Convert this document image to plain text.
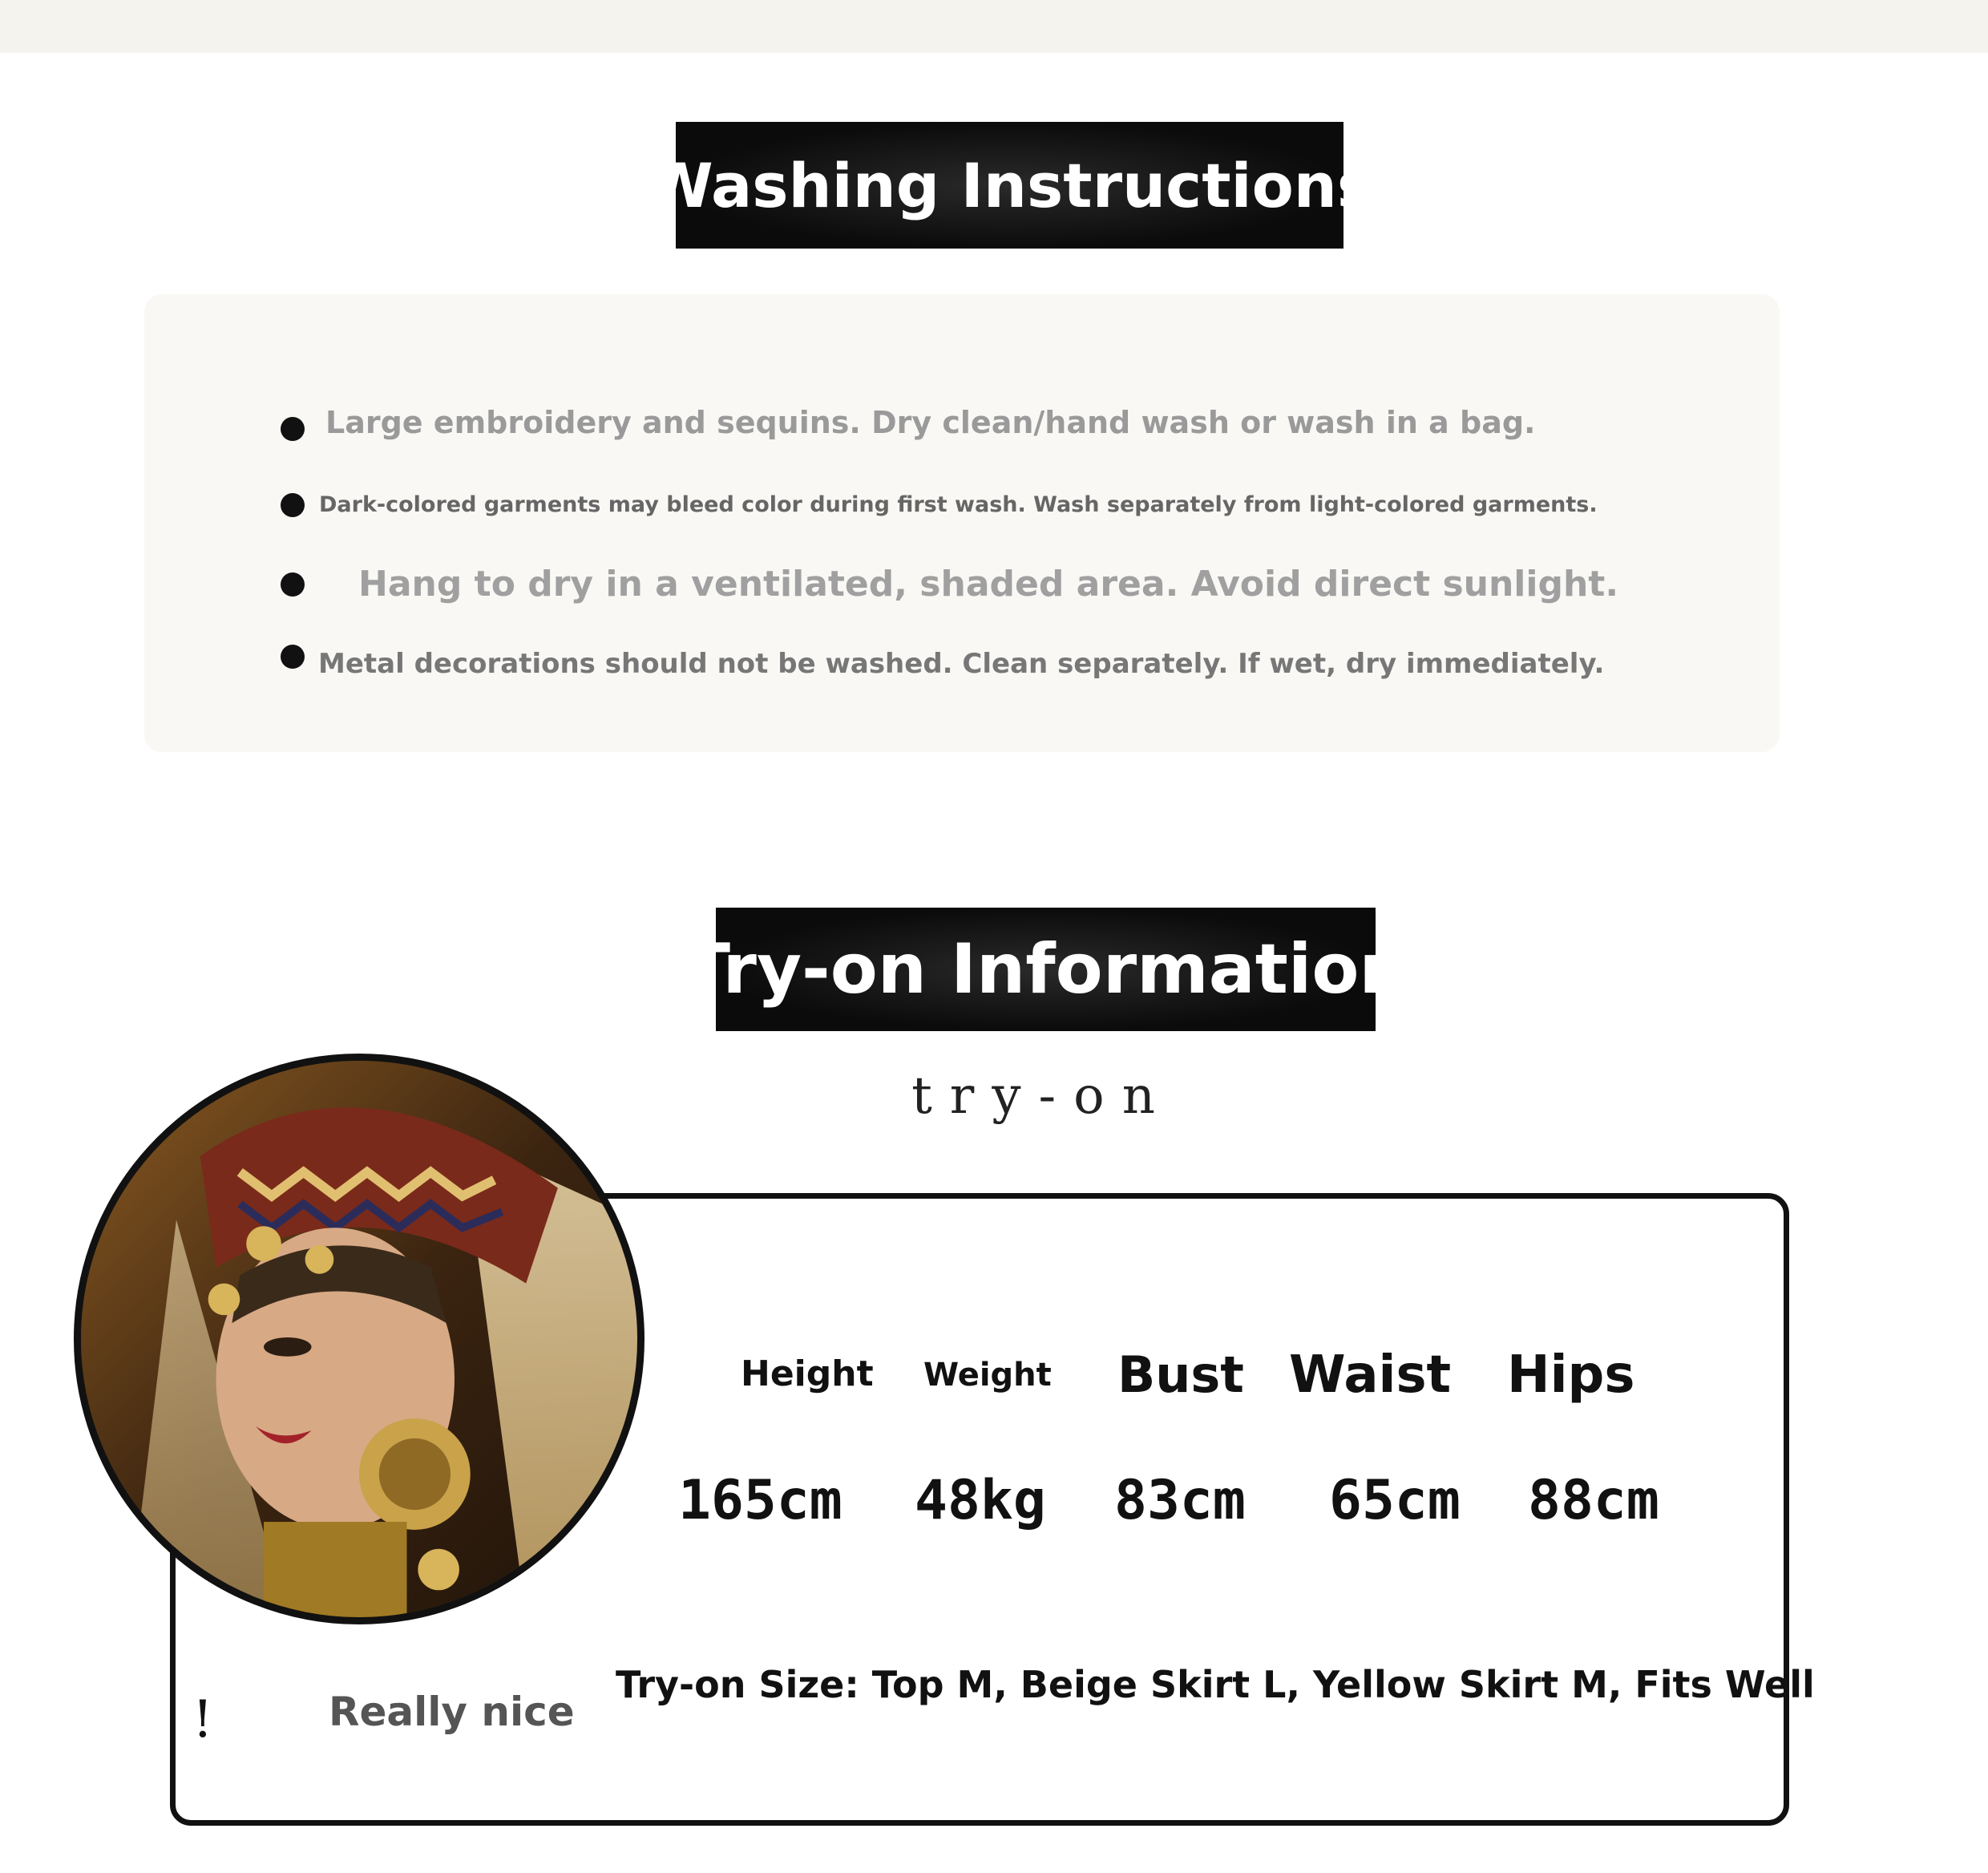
Washing Instructions
Large embroidery and sequins. Dry clean/hand wash or wash in a bag.
Dark-colored garments may bleed color during first wash. Wash separately from light-colored garments.
Hang to dry in a ventilated, shaded area. Avoid direct sunlight.
Metal decorations should not be washed. Clean separately. If wet, dry immediately.
Try-on Information
try-on
Height Weight Bust Waist Hips
165cm 48kg 83cm 65cm 88cm
Try-on Size: Top M, Beige Skirt L, Yellow Skirt M, Fits Well
!	Really nice
